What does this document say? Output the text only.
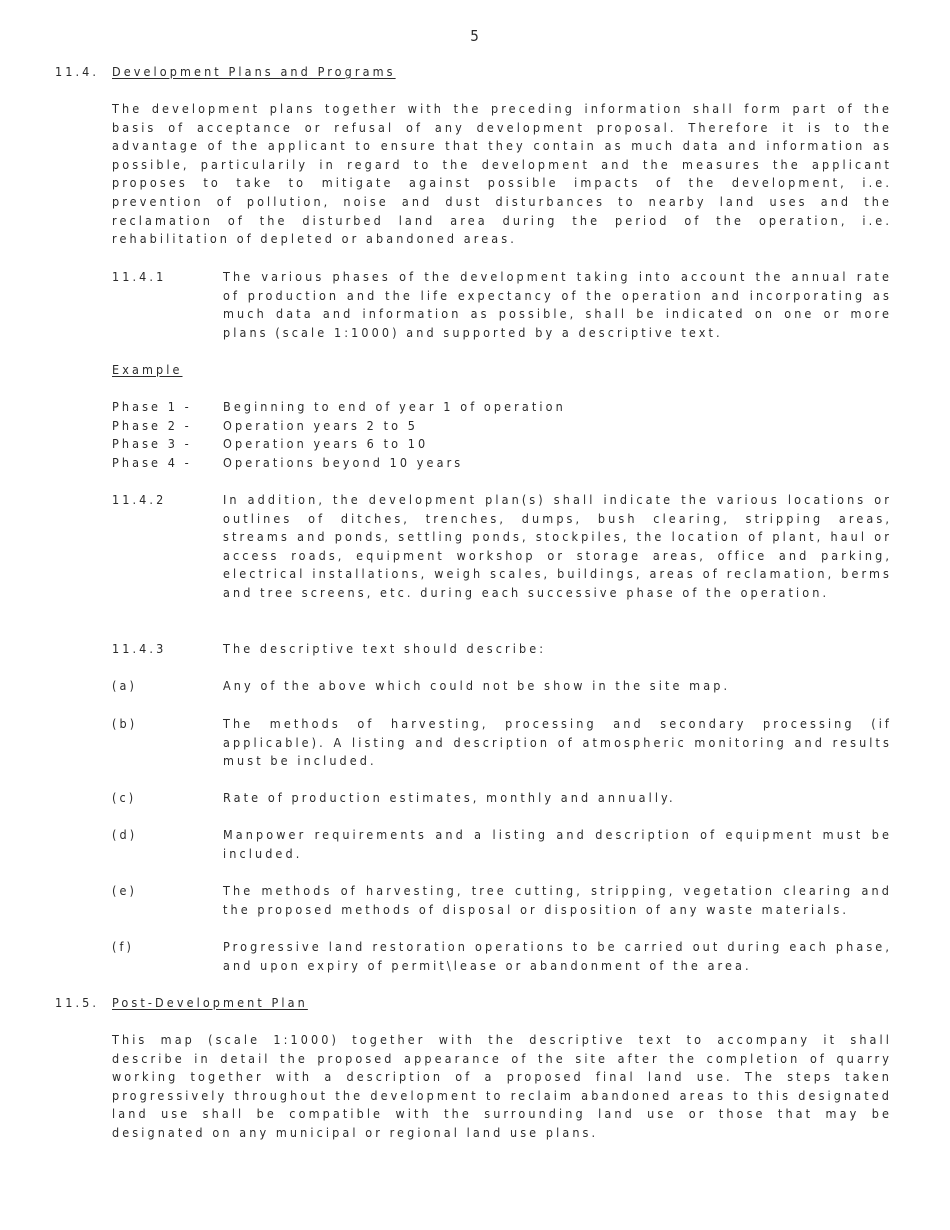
5
11.4. Development Plans and Programs
The development plans together with the preceding information shall form part of the basis of acceptance or refusal of any development proposal. Therefore it is to the advantage of the applicant to ensure that they contain as much data and information as possible, particularily in regard to the development and the measures the applicant proposes to take to mitigate against possible impacts of the development, i.e. prevention of pollution, noise and dust disturbances to nearby land uses and the reclamation of the disturbed land area during the period of the operation, i.e. rehabilitation of depleted or abandoned areas.
11.4.1	The various phases of the development taking into account the annual rate of production and the life expectancy of the operation and incorporating as much data and information as possible, shall be indicated on one or more plans (scale 1:1000) and supported by a descriptive text.
Example
Phase 1 - Beginning to end of year 1 of operation
Phase 2 - Operation years 2 to 5
Phase 3 - Operation years 6 to 10
Phase 4 - Operations beyond 10 years
11.4.2	In addition, the development plan(s) shall indicate the various locations or outlines of ditches, trenches, dumps, bush clearing, stripping areas, streams and ponds, settling ponds, stockpiles, the location of plant, haul or access roads, equipment workshop or storage areas, office and parking, electrical installations, weigh scales, buildings, areas of reclamation, berms and tree screens, etc. during each successive phase of the operation.
11.4.3	The descriptive text should describe:
(a)	Any of the above which could not be show in the site map.
(b)	The methods of harvesting, processing and secondary processing (if applicable). A listing and description of atmospheric monitoring and results must be included.
(c)	Rate of production estimates, monthly and annually.
(d)	Manpower requirements and a listing and description of equipment must be included.
(e)	The methods of harvesting, tree cutting, stripping, vegetation clearing and the proposed methods of disposal or disposition of any waste materials.
(f)	Progressive land restoration operations to be carried out during each phase, and upon expiry of permit\lease or abandonment of the area.
11.5. Post-Development Plan
This map (scale 1:1000) together with the descriptive text to accompany it shall describe in detail the proposed appearance of the site after the completion of quarry working together with a description of a proposed final land use. The steps taken progressively throughout the development to reclaim abandoned areas to this designated land use shall be compatible with the surrounding land use or those that may be designated on any municipal or regional land use plans.
